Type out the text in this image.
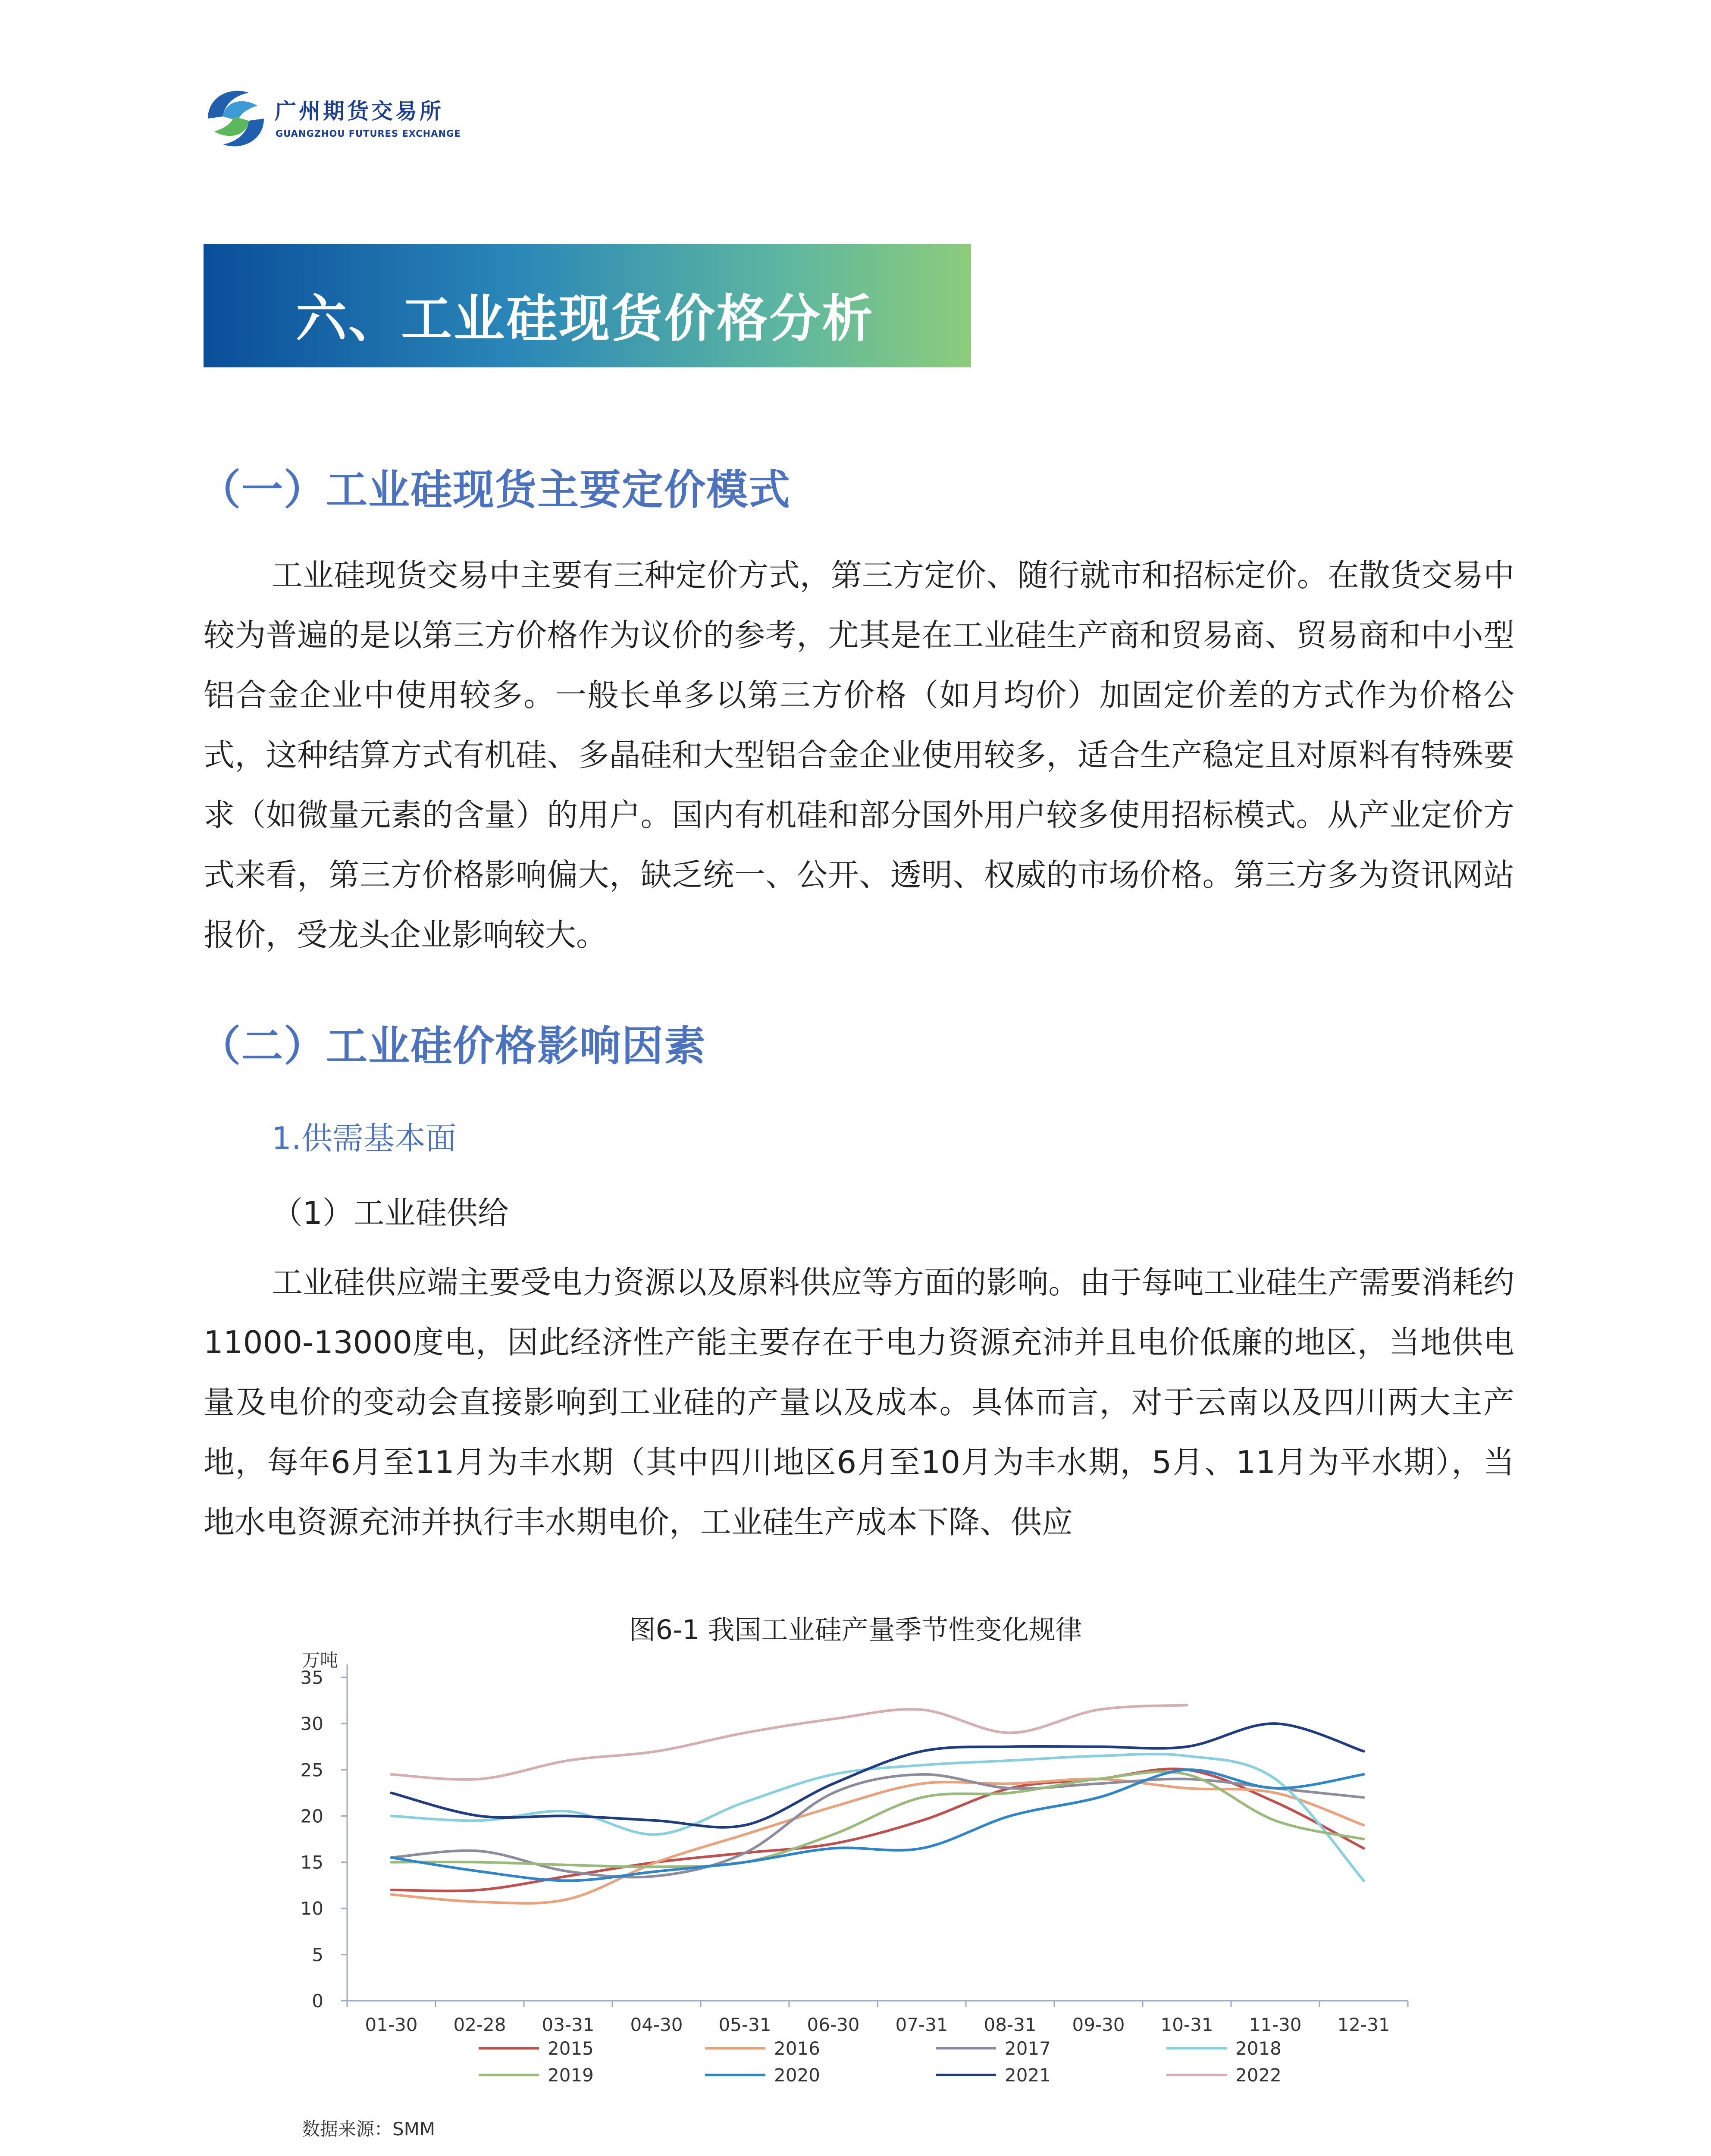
广州期货交易所
GUANGZHOU FUTURES EXCHANGE
六、工业硅现货价格分析
（一）工业硅现货主要定价模式
工业硅现货交易中主要有三种定价方式，第三方定价、随行就市和招标定价。在散货交易中较为普遍的是以第三方价格作为议价的参考，尤其是在工业硅生产商和贸易商、贸易商和中小型铝合金企业中使用较多。一般长单多以第三方价格（如月均价）加固定价差的方式作为价格公式，这种结算方式有机硅、多晶硅和大型铝合金企业使用较多，适合生产稳定且对原料有特殊要求（如微量元素的含量）的用户。国内有机硅和部分国外用户较多使用招标模式。从产业定价方式来看，第三方价格影响偏大，缺乏统一、公开、透明、权威的市场价格。第三方多为资讯网站报价，受龙头企业影响较大。
（二）工业硅价格影响因素
1.供需基本面
（1）工业硅供给
工业硅供应端主要受电力资源以及原料供应等方面的影响。由于每吨工业硅生产需要消耗约11000-13000度电，因此经济性产能主要存在于电力资源充沛并且电价低廉的地区，当地供电量及电价的变动会直接影响到工业硅的产量以及成本。具体而言，对于云南以及四川两大主产地，每年6月至11月为丰水期（其中四川地区6月至10月为丰水期，5月、11月为平水期），当地水电资源充沛并执行丰水期电价，工业硅生产成本下降、供应
图6-1 我国工业硅产量季节性变化规律
万吨
0
5
10
15
20
25
30
35
01-30 02-28 03-31 04-30 05-31 06-30 07-31 08-31 09-30 10-31 11-30 12-31
2015	2016	2017	2018
2019	2020	2021	2022
数据来源：SMM
